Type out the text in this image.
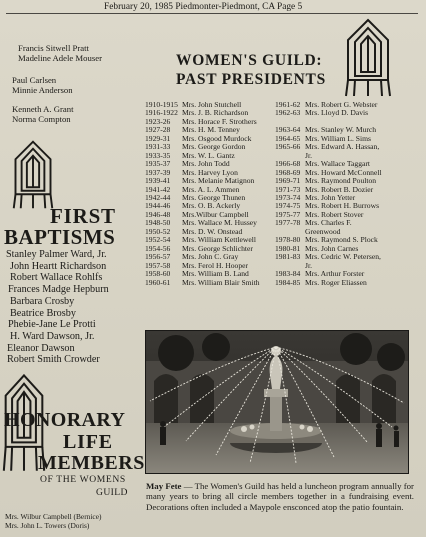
February 20, 1985 Piedmonter-Piedmont, CA Page 5
Francis Sitwell Pratt
Madeline Adele Mouser
Paul Carlsen
Minnie Anderson
Kenneth A. Grant
Norma Compton
WOMEN'S GUILD:
PAST PRESIDENTS
1910-1915 Mrs. John Stutchell
1916-1922 Mrs. J. B. Richardson
1923-26 Mrs. Horace F. Strothers
1927-28 Mrs. H. M. Tenney
1929-31 Mrs. Osgood Murdock
1931-33 Mrs. George Gordon
1933-35 Mrs. W. L. Gantz
1935-37 Mrs. John Todd
1937-39 Mrs. Harvey Lyon
1939-41 Mrs. Melanie Matignon
1941-42 Mrs. A. L. Ammen
1942-44 Mrs. George Thunen
1944-46 Mrs. O. B. Ackerly
1946-48 Mrs.Wilbur Campbell
1948-50 Mrs. Wallace M. Hussey
1950-52 Mrs. D. W. Onstead
1952-54 Mrs. William Kettlewell
1954-56 Mrs. George Schlichter
1956-57 Mrs. John C. Gray
1957-58 Mrs. Ferol H. Hooper
1958-60 Mrs. William B. Land
1960-61 Mrs. William Blair Smith
1961-62 Mrs. Robert G. Webster
1962-63 Mrs. Lloyd D. Davis

1963-64 Mrs. Stanley W. Murch
1964-65 Mrs. William L. Sims
1965-66 Mrs. Edward A. Hassan,
Jr.
1966-68 Mrs. Wallace Taggart
1968-69 Mrs. Howard McConnell
1969-71 Mrs. Raymond Poulton
1971-73 Mrs. Robert B. Dozier
1973-74 Mrs. John Yetter
1974-75 Mrs. Robert H. Burrows
1975-77 Mrs. Robert Stover
1977-78 Mrs. Charles F.
Greenwood
1978-80 Mrs. Raymond S. Plock
1980-81 Mrs. John Carnes
1981-83 Mrs. Cedric W. Petersen,
Jr.
1983-84 Mrs. Arthur Forster
1984-85 Mrs. Roger Eliassen
FIRST
BAPTISMS
Stanley Palmer Ward, Jr.
John Heartt Richardson
Robert Wallace Rohlfs
Frances Madge Hepburn
Barbara Crosby
Beatrice Brosby
Phebie-Jane Le Protti
H. Ward Dawson, Jr.
Eleanor Dawson
Robert Smith Crowder
HONORARY
LIFE
MEMBERS
OF THE WOMENS
GUILD
Mrs. Wilbur Campbell (Bernice)
Mrs. John L. Towers (Doris)
May Fete — The Women's Guild has held a luncheon program annually for many years to bring all circle members together in a fundraising event. Decorations often included a Maypole ensconced atop the patio fountain.
